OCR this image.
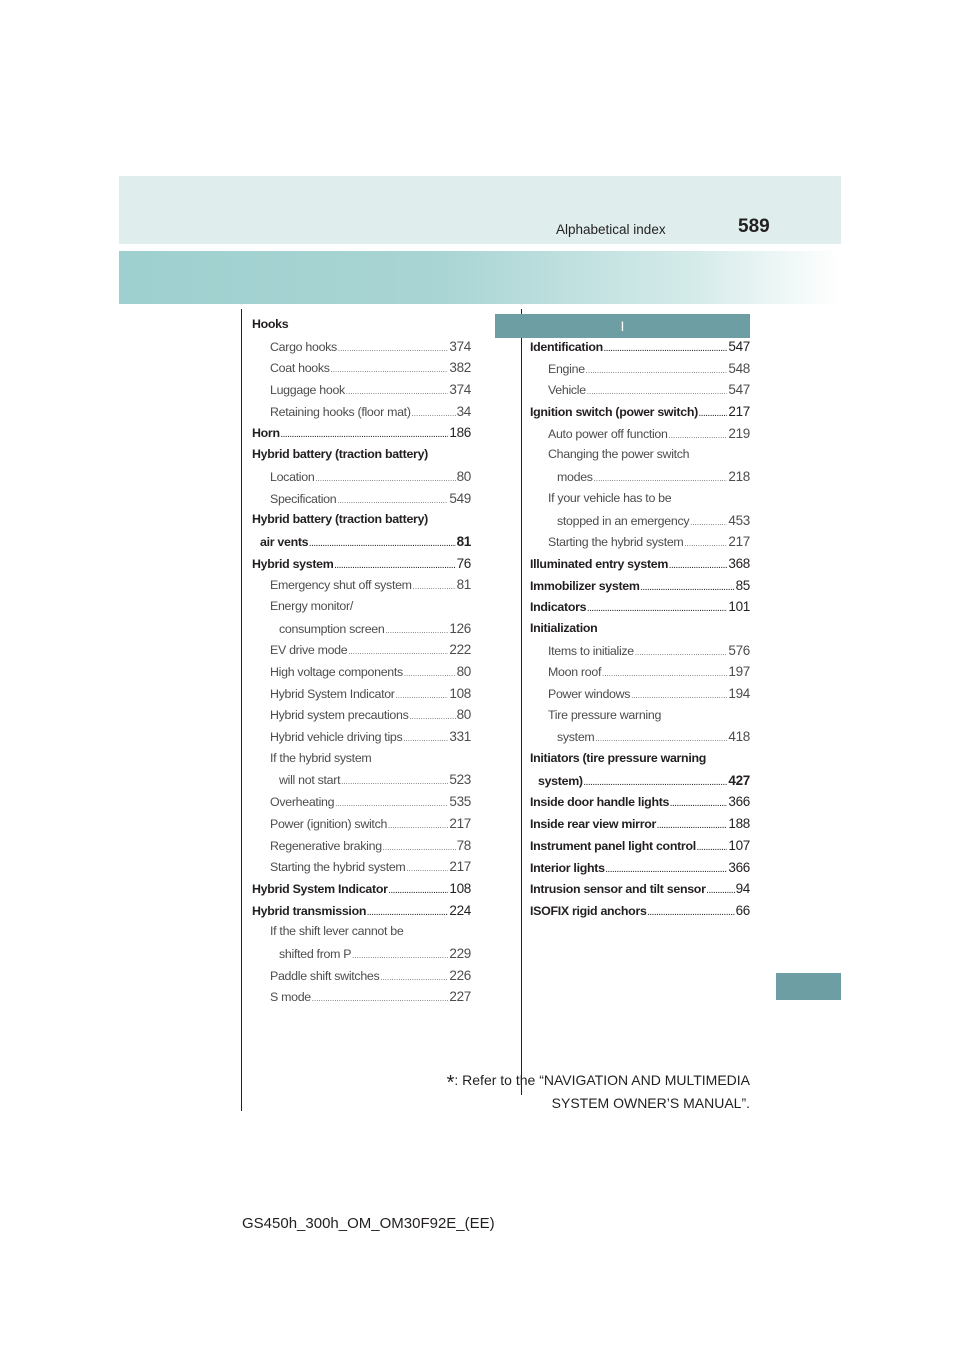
Alphabetical index	589
Hooks
Cargo hooks .....	374
Coat hooks .....	382
Luggage hook .....	374
Retaining hooks (floor mat) .....	34
Horn .....	186
Hybrid battery (traction battery)
Location .....	80
Specification .....	549
Hybrid battery (traction battery)
air vents .....	81
Hybrid system .....	76
Emergency shut off system .....	81
Energy monitor/
consumption screen .....	126
EV drive mode .....	222
High voltage components .....	80
Hybrid System Indicator .....	108
Hybrid system precautions .....	80
Hybrid vehicle driving tips .....	331
If the hybrid system
will not start .....	523
Overheating .....	535
Power (ignition) switch .....	217
Regenerative braking .....	78
Starting the hybrid system .....	217
Hybrid System Indicator .....	108
Hybrid transmission .....	224
If the shift lever cannot be
shifted from P .....	229
Paddle shift switches .....	226
S mode .....	227
I
Identification .....	547
Engine .....	548
Vehicle .....	547
Ignition switch (power switch) ..... 217
Auto power off function .....	219
Changing the power switch
modes .....	218
If your vehicle has to be
stopped in an emergency .....	453
Starting the hybrid system .....	217
Illuminated entry system .....	368
Immobilizer system .....	85
Indicators .....	101
Initialization
Items to initialize .....	576
Moon roof .....	197
Power windows .....	194
Tire pressure warning
system .....	418
Initiators (tire pressure warning
system) .....	427
Inside door handle lights .....	366
Inside rear view mirror .....	188
Instrument panel light control ..... 107
Interior lights .....	366
Intrusion sensor and tilt sensor ..... 94
ISOFIX rigid anchors .....	66
*: Refer to the “NAVIGATION AND MULTIMEDIA
SYSTEM OWNER’S MANUAL”.
GS450h_300h_OM_OM30F92E_(EE)
